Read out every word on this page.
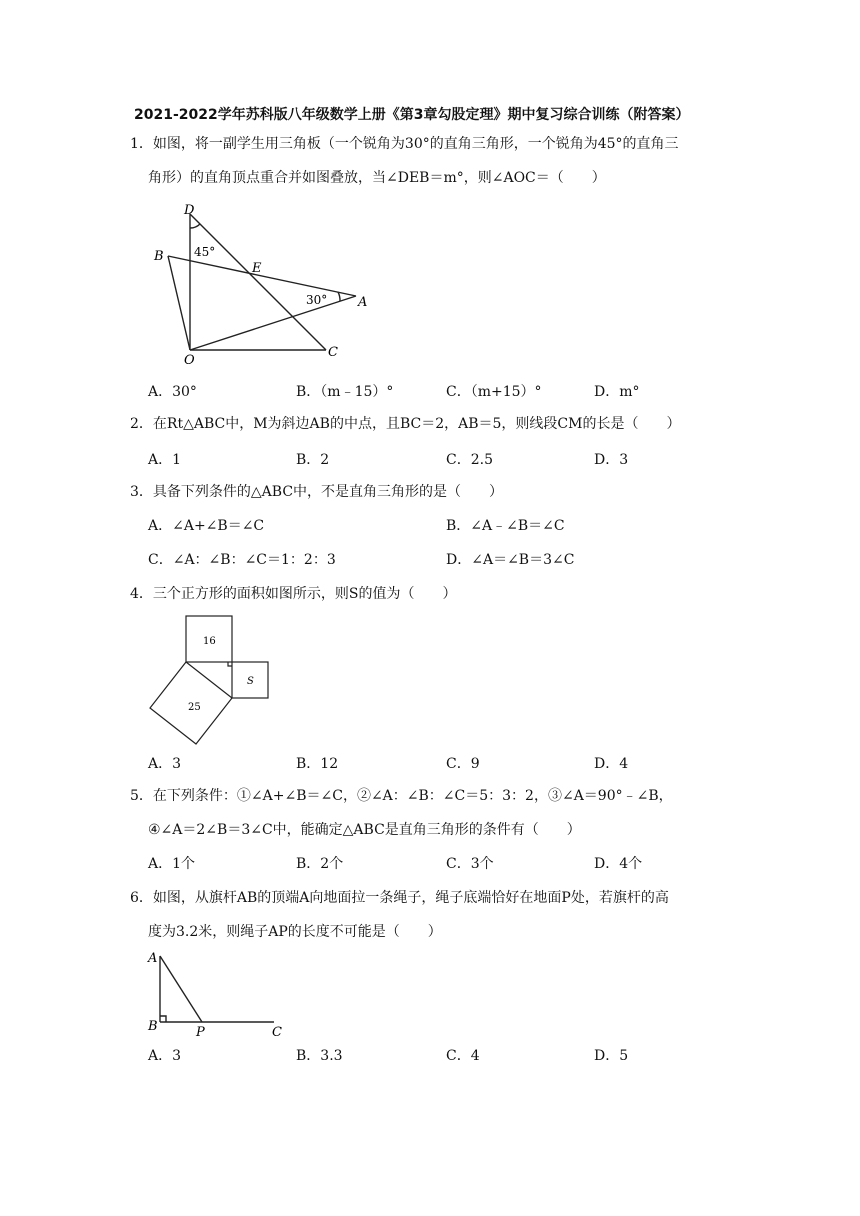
2021-2022学年苏科版八年级数学上册《第3章勾股定理》期中复习综合训练（附答案）
1．如图，将一副学生用三角板（一个锐角为30°的直角三角形，一个锐角为45°的直角三
角形）的直角顶点重合并如图叠放，当∠DEB＝m°，则∠AOC＝（　　）
D
45°
B
E
30° A
O
C
A．30°	B．（m﹣15）°	C．（m+15）°	D．m°
2．在Rt△ABC中，M为斜边AB的中点，且BC＝2，AB＝5，则线段CM的长是（　　）
A．1	B．2	C．2.5	D．3
3．具备下列条件的△ABC中，不是直角三角形的是（　　）
A．∠A+∠B＝∠C	B．∠A﹣∠B＝∠C
C．∠A：∠B：∠C＝1：2：3	D．∠A＝∠B＝3∠C
4．三个正方形的面积如图所示，则S的值为（　　）
16
S
25
A．3	B．12	C．9	D．4
5．在下列条件：①∠A+∠B＝∠C，②∠A：∠B：∠C＝5：3：2，③∠A＝90°﹣∠B，
④∠A＝2∠B＝3∠C中，能确定△ABC是直角三角形的条件有（　　）
A．1个	B．2个	C．3个	D．4个
6．如图，从旗杆AB的顶端A向地面拉一条绳子，绳子底端恰好在地面P处，若旗杆的高
度为3.2米，则绳子AP的长度不可能是（　　）
A
B	P	C
A．3	B．3.3	C．4	D．5
